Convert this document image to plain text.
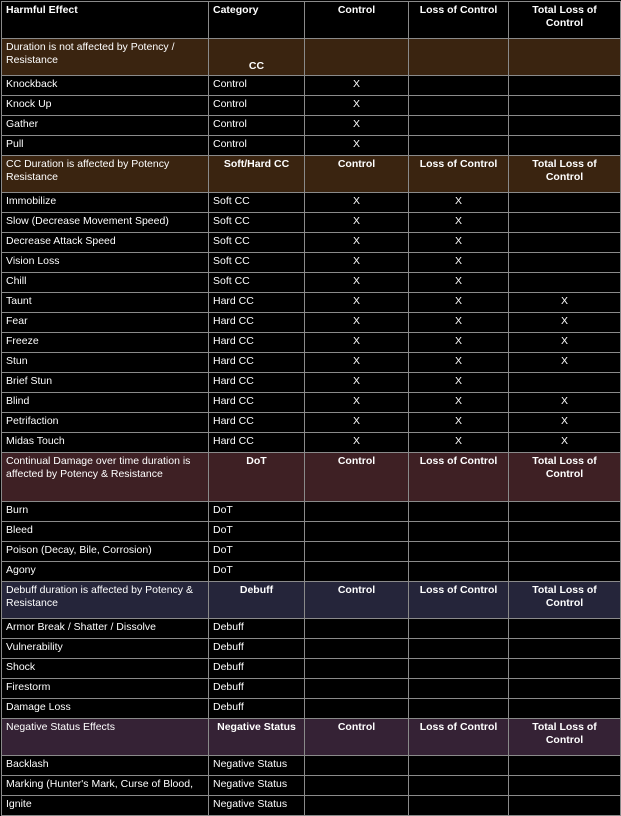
Harmful Effect	Category	Control	Loss of Control	Total Loss of Control
Duration is not affected by Potency / Resistance	CC			
Knockback	Control	X		
Knock Up	Control	X		
Gather	Control	X		
Pull	Control	X		
CC Duration is affected by Potency Resistance	Soft/Hard CC	Control	Loss of Control	Total Loss of Control
Immobilize	Soft CC	X	X	
Slow (Decrease Movement Speed)	Soft CC	X	X	
Decrease Attack Speed	Soft CC	X	X	
Vision Loss	Soft CC	X	X	
Chill	Soft CC	X	X	
Taunt	Hard CC	X	X	X
Fear	Hard CC	X	X	X
Freeze	Hard CC	X	X	X
Stun	Hard CC	X	X	X
Brief Stun	Hard CC	X	X	
Blind	Hard CC	X	X	X
Petrifaction	Hard CC	X	X	X
Midas Touch	Hard CC	X	X	X
Continual Damage over time duration is affected by Potency & Resistance	DoT	Control	Loss of Control	Total Loss of Control
Burn	DoT			
Bleed	DoT			
Poison (Decay, Bile, Corrosion)	DoT			
Agony	DoT			
Debuff duration is affected by Potency & Resistance	Debuff	Control	Loss of Control	Total Loss of Control
Armor Break / Shatter / Dissolve	Debuff			
Vulnerability	Debuff			
Shock	Debuff			
Firestorm	Debuff			
Damage Loss	Debuff			
Negative Status Effects	Negative Status	Control	Loss of Control	Total Loss of Control
Backlash	Negative Status			
Marking (Hunter's Mark, Curse of Blood,	Negative Status			
Ignite	Negative Status			
